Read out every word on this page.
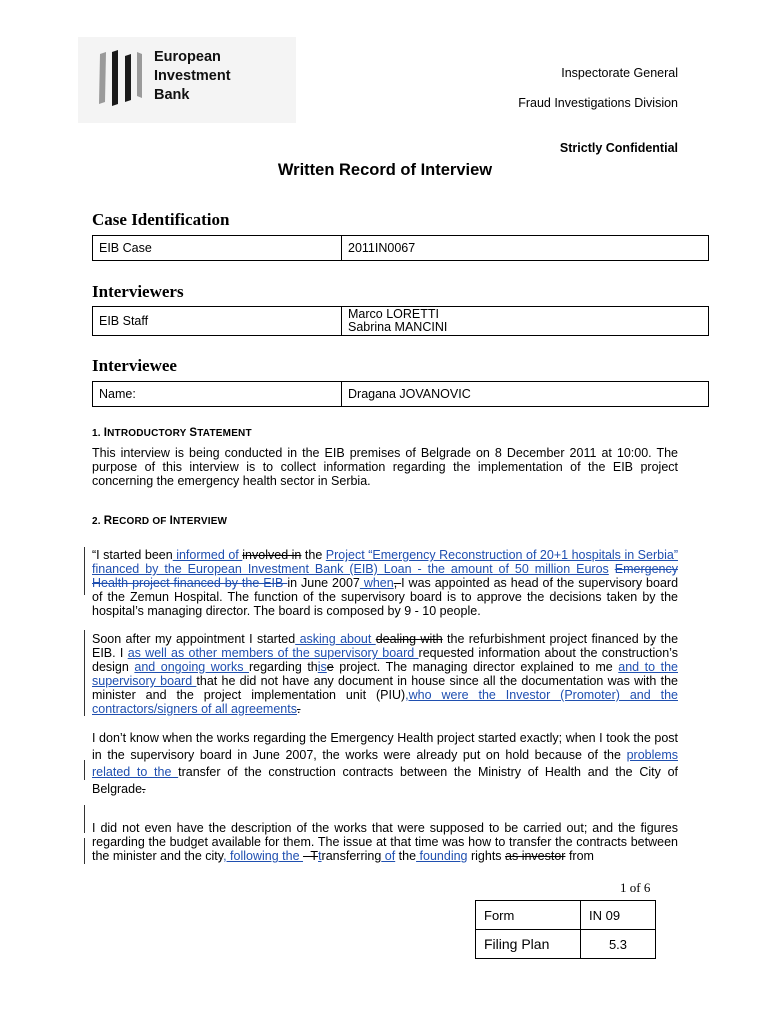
European
Investment
Bank
Inspectorate General
Fraud Investigations Division
Strictly Confidential
Written Record of Interview
Case Identification
EIB Case	2011IN0067
Interviewers
EIB Staff	Marco LORETTI
Sabrina MANCINI
Interviewee
Name:	Dragana JOVANOVIC
1. INTRODUCTORY STATEMENT
This interview is being conducted in the EIB premises of Belgrade on 8 December 2011 at 10:00. The purpose of this interview is to collect information regarding the implementation of the EIB project concerning the emergency health sector in Serbia.
2. RECORD OF INTERVIEW
“I started been informed of involved in the Project “Emergency Reconstruction of 20+1 hospitals in Serbia” financed by the European Investment Bank (EIB) Loan - the amount of 50 million Euros Emergency Health project financed by the EIB in June 2007 when, I was appointed as head of the supervisory board of the Zemun Hospital. The function of the supervisory board is to approve the decisions taken by the hospital’s managing director. The board is composed by 9 - 10 people.
Soon after my appointment I started asking about dealing with the refurbishment project financed by the EIB. I as well as other members of the supervisory board requested information about the construction’s design and ongoing works regarding thise project. The managing director explained to me and to the supervisory board that he did not have any document in house since all the documentation was with the minister and the project implementation unit (PIU),who were the Investor (Promoter) and the contractors/signers of all agreements.
I don’t know when the works regarding the Emergency Health project started exactly; when I took the post in the supervisory board in June 2007, the works were already put on hold because of the problems related to the transfer of the construction contracts between the Ministry of Health and the City of Belgrade.
I did not even have the description of the works that were supposed to be carried out; and the figures regarding the budget available for them. The issue at that time was how to transfer the contracts between the minister and the city, following the - Ttransferring of the founding rights as investor from
1 of 6
Form	IN 09
Filing Plan	5.3
